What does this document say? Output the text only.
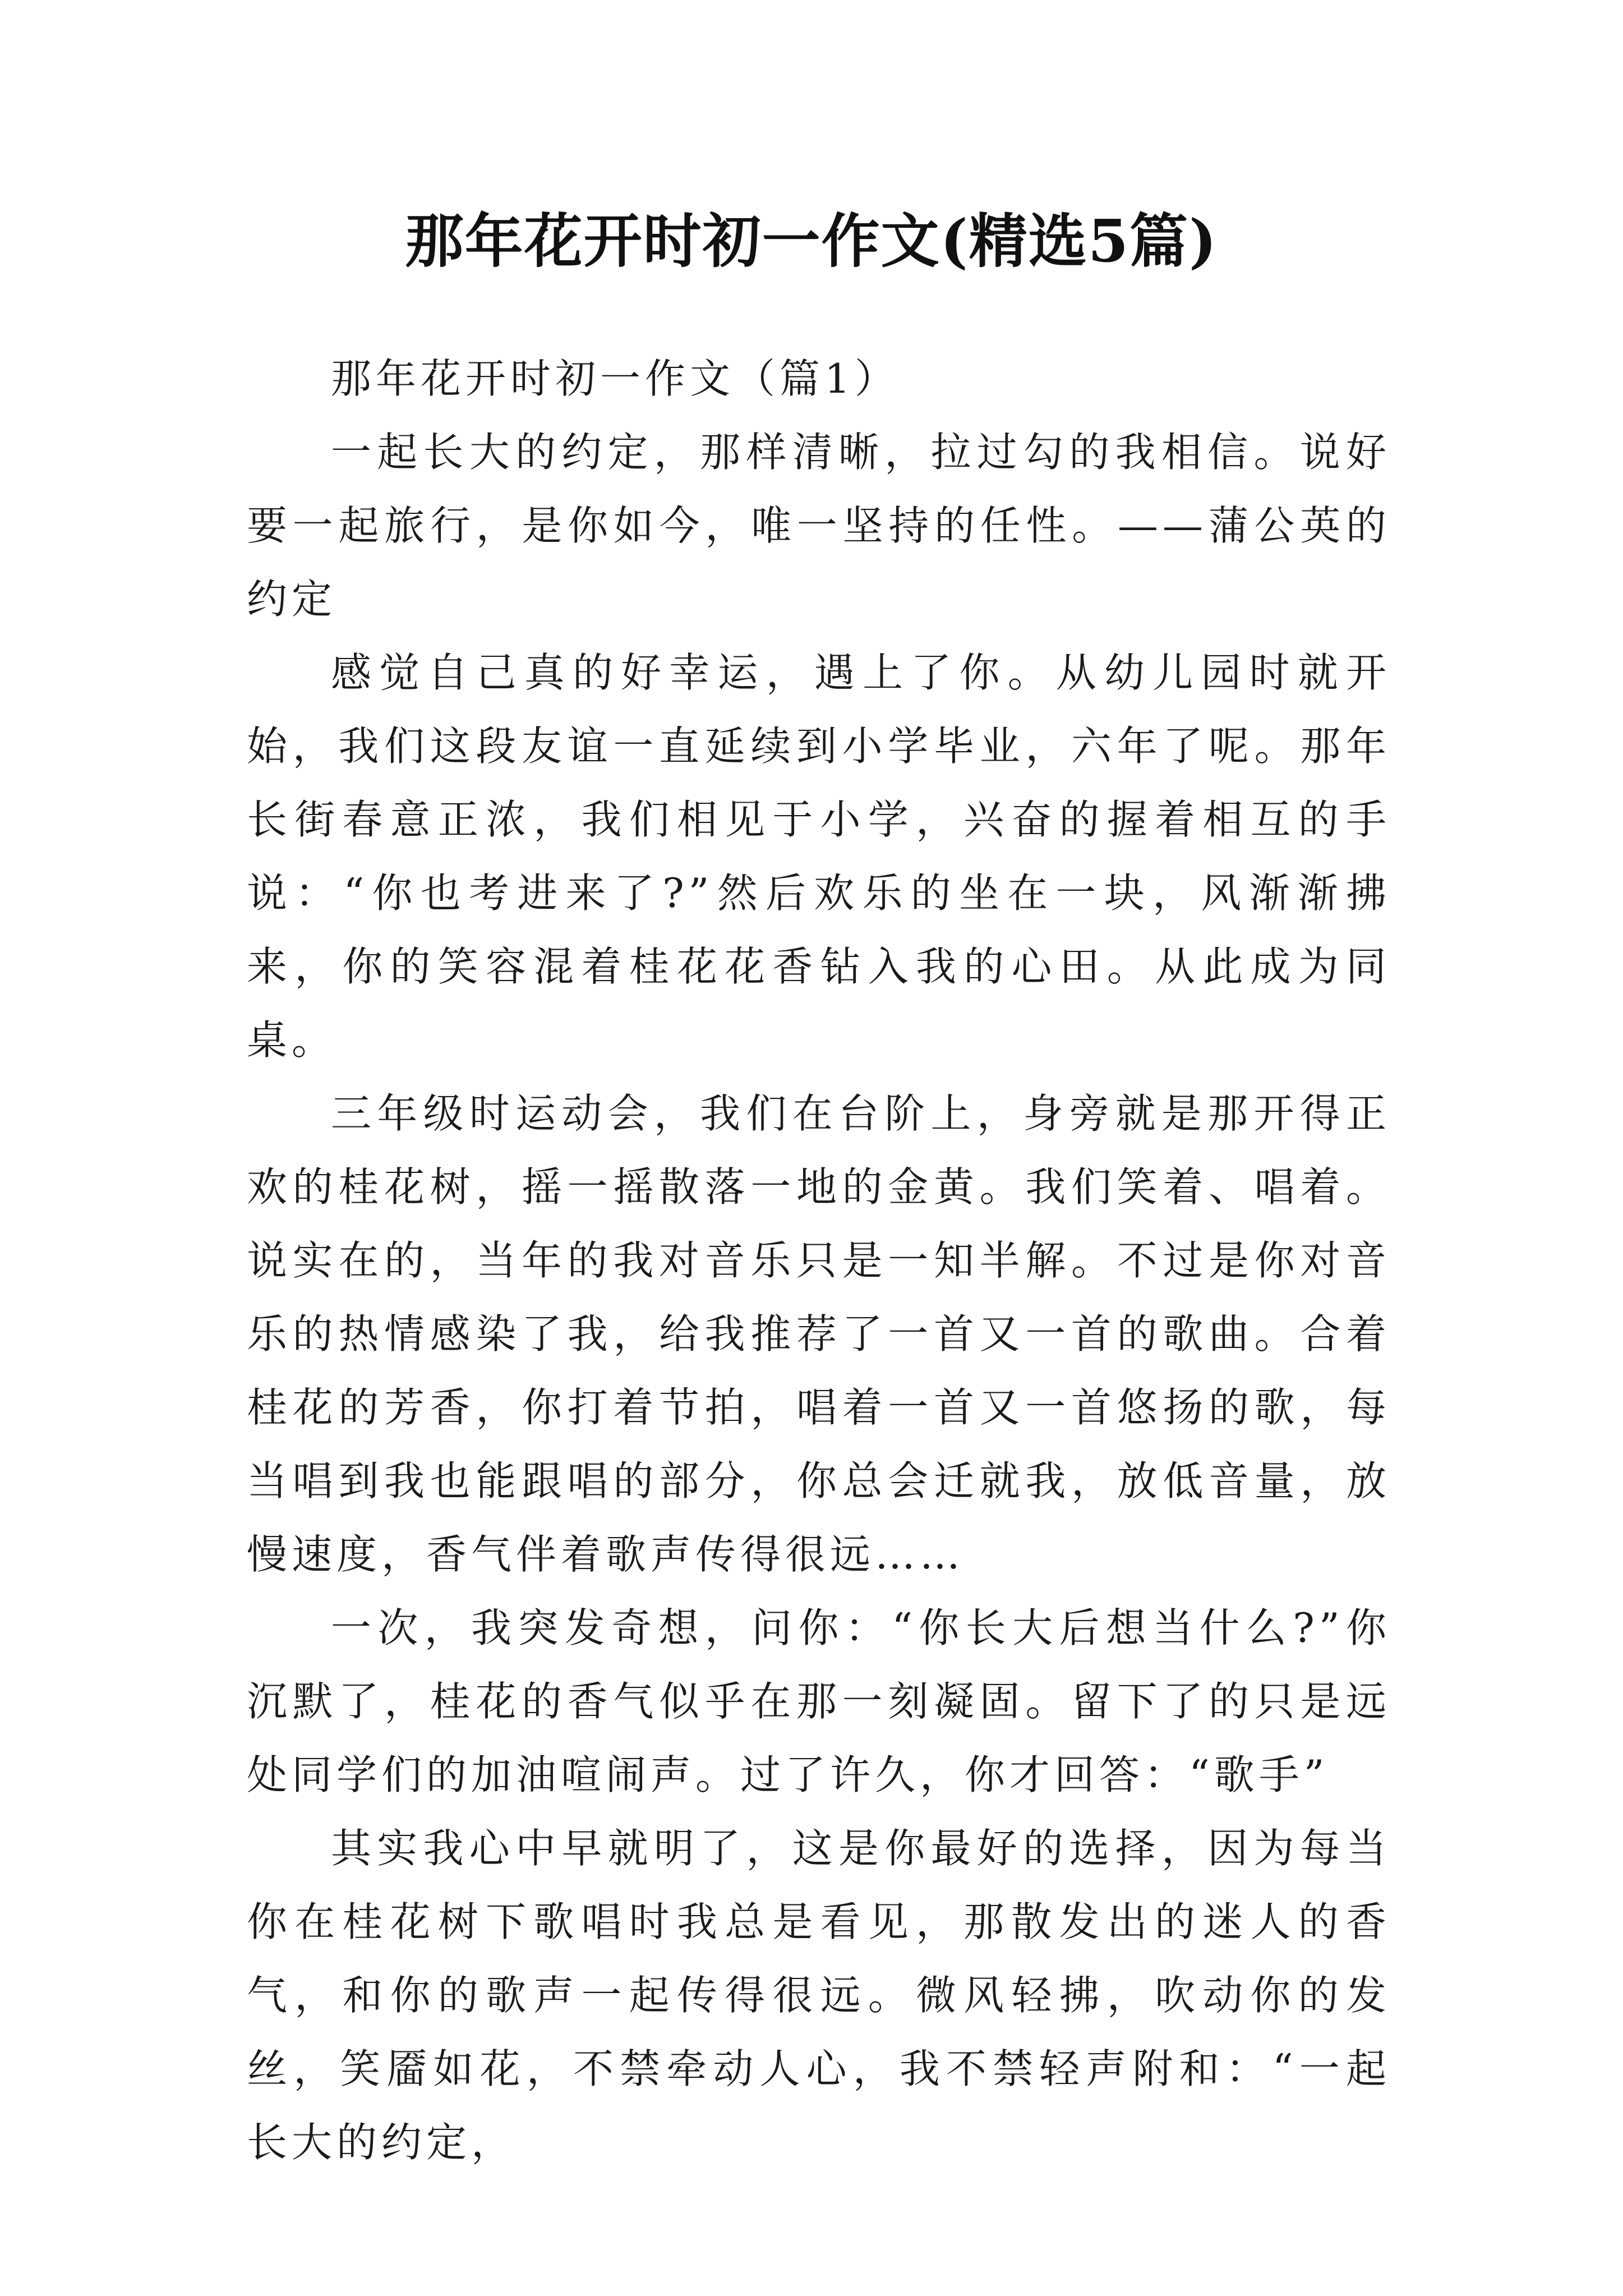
那年花开时初一作文(精选5篇)

那年花开时初一作文（篇1）

一起长大的约定，那样清晰，拉过勾的我相信。说好要一起旅行，是你如今，唯一坚持的任性。——蒲公英的约定

感觉自己真的好幸运，遇上了你。从幼儿园时就开始，我们这段友谊一直延续到小学毕业，六年了呢。那年长街春意正浓，我们相见于小学，兴奋的握着相互的手说：“你也考进来了?”然后欢乐的坐在一块，风渐渐拂来，你的笑容混着桂花花香钻入我的心田。从此成为同桌。

三年级时运动会，我们在台阶上，身旁就是那开得正欢的桂花树，摇一摇散落一地的金黄。我们笑着、唱着。说实在的，当年的我对音乐只是一知半解。不过是你对音乐的热情感染了我，给我推荐了一首又一首的歌曲。合着桂花的芳香，你打着节拍，唱着一首又一首悠扬的歌，每当唱到我也能跟唱的部分，你总会迁就我，放低音量，放慢速度，香气伴着歌声传得很远……

一次，我突发奇想，问你：“你长大后想当什么?”你沉默了，桂花的香气似乎在那一刻凝固。留下了的只是远处同学们的加油喧闹声。过了许久，你才回答：“歌手”

其实我心中早就明了，这是你最好的选择，因为每当你在桂花树下歌唱时我总是看见，那散发出的迷人的香气，和你的歌声一起传得很远。微风轻拂，吹动你的发丝，笑靥如花，不禁牵动人心，我不禁轻声附和：“一起长大的约定，
